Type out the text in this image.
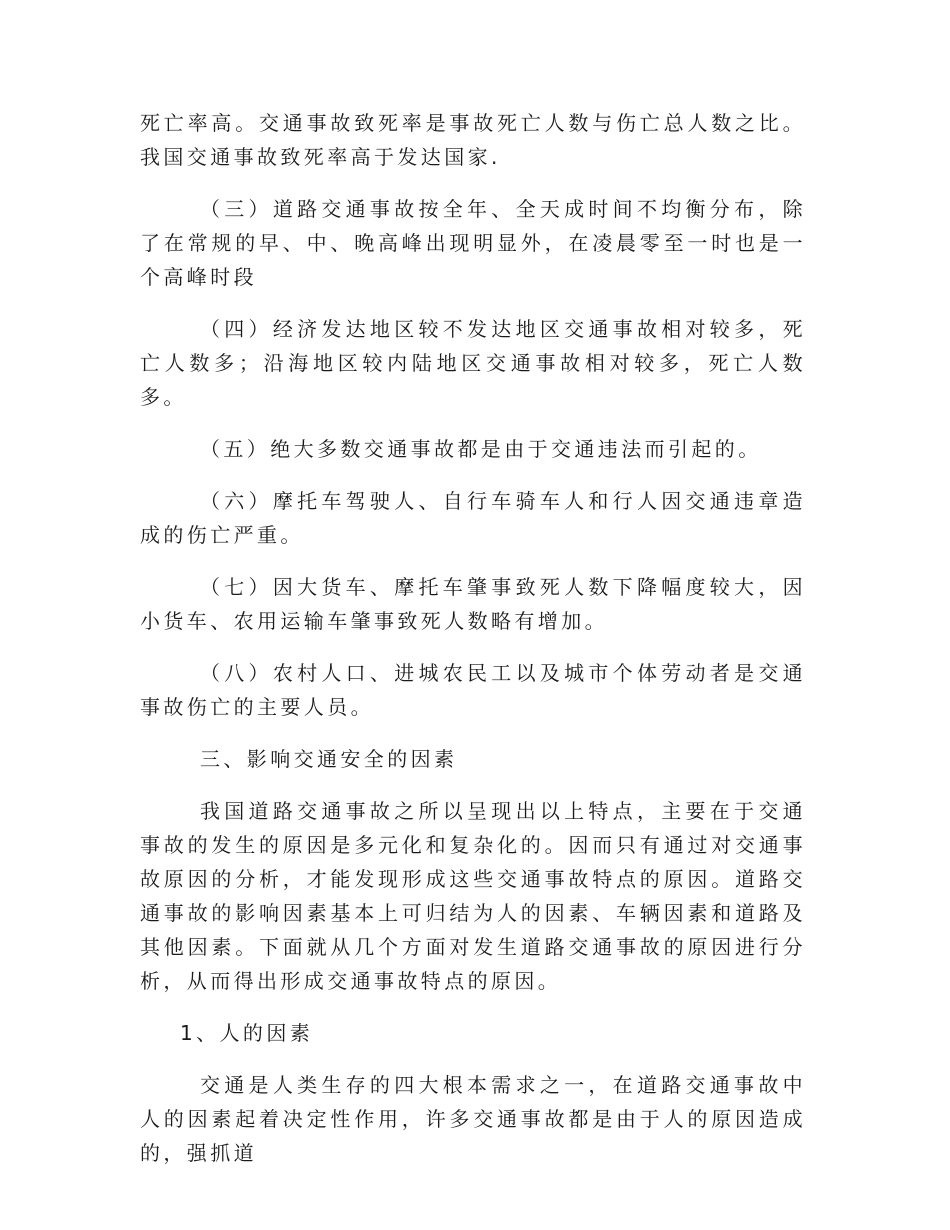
死亡率高。交通事故致死率是事故死亡人数与伤亡总人数之比。我国交通事故致死率高于发达国家.

（三）道路交通事故按全年、全天成时间不均衡分布，除了在常规的早、中、晚高峰出现明显外，在凌晨零至一时也是一个高峰时段

（四）经济发达地区较不发达地区交通事故相对较多，死亡人数多；沿海地区较内陆地区交通事故相对较多，死亡人数多。

（五）绝大多数交通事故都是由于交通违法而引起的。

（六）摩托车驾驶人、自行车骑车人和行人因交通违章造成的伤亡严重。

（七）因大货车、摩托车肇事致死人数下降幅度较大，因小货车、农用运输车肇事致死人数略有增加。

（八）农村人口、进城农民工以及城市个体劳动者是交通事故伤亡的主要人员。

三、影响交通安全的因素

我国道路交通事故之所以呈现出以上特点，主要在于交通事故的发生的原因是多元化和复杂化的。因而只有通过对交通事故原因的分析，才能发现形成这些交通事故特点的原因。道路交通事故的影响因素基本上可归结为人的因素、车辆因素和道路及其他因素。下面就从几个方面对发生道路交通事故的原因进行分析，从而得出形成交通事故特点的原因。

1、人的因素

交通是人类生存的四大根本需求之一，在道路交通事故中人的因素起着决定性作用，许多交通事故都是由于人的原因造成的，强抓道
